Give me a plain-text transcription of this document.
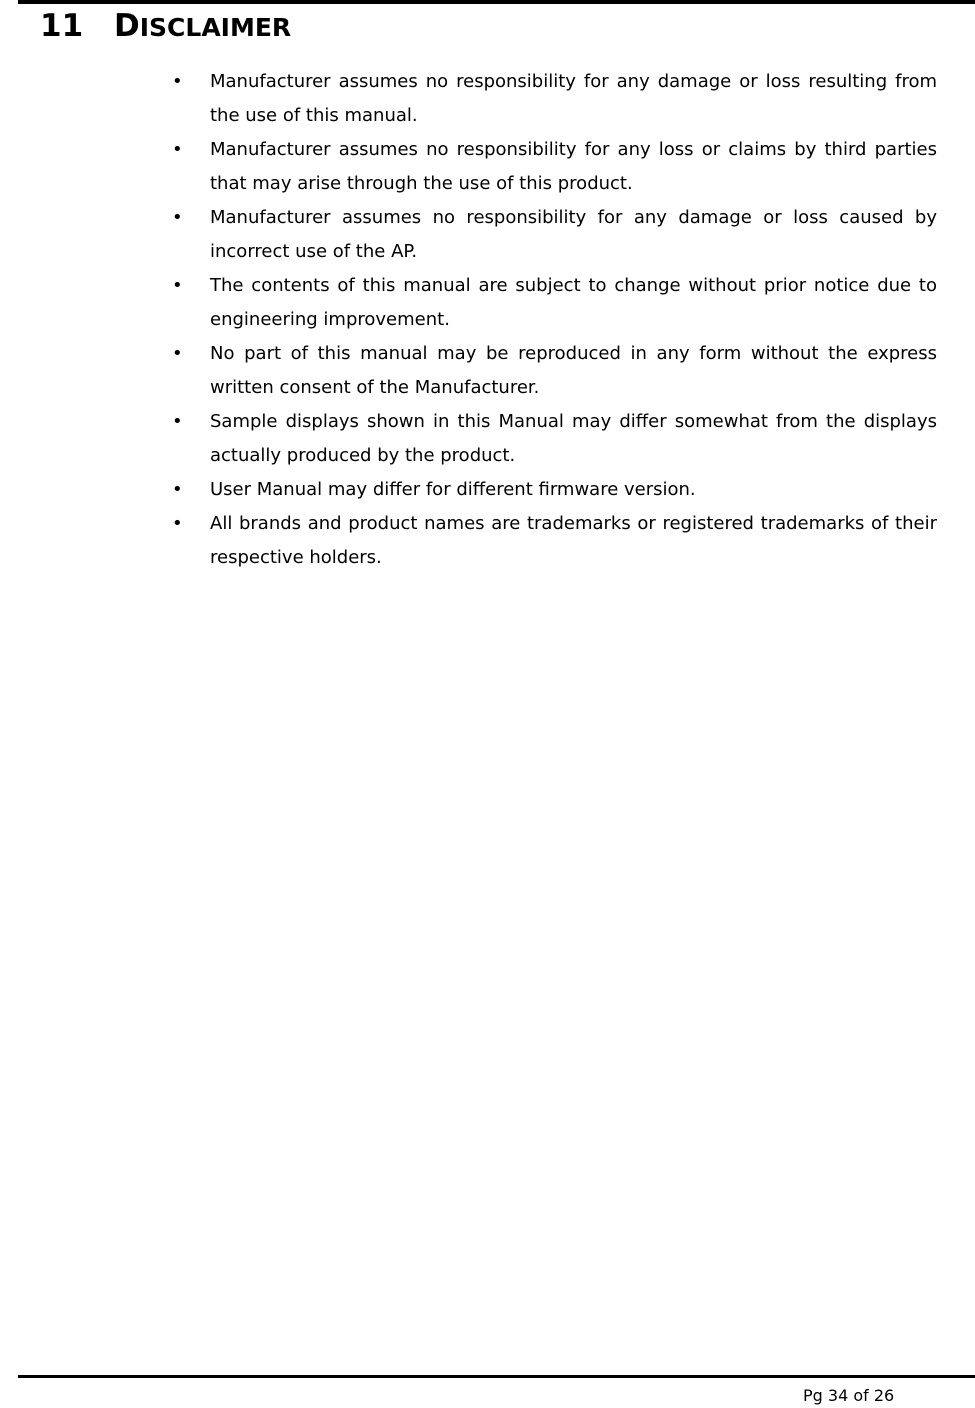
11 DISCLAIMER
• Manufacturer assumes no responsibility for any damage or loss resulting from the use of this manual.
• Manufacturer assumes no responsibility for any loss or claims by third parties that may arise through the use of this product.
• Manufacturer assumes no responsibility for any damage or loss caused by incorrect use of the AP.
• The contents of this manual are subject to change without prior notice due to engineering improvement.
• No part of this manual may be reproduced in any form without the express written consent of the Manufacturer.
• Sample displays shown in this Manual may differ somewhat from the displays actually produced by the product.
• User Manual may differ for different firmware version.
• All brands and product names are trademarks or registered trademarks of their respective holders.
Pg 34 of 26
